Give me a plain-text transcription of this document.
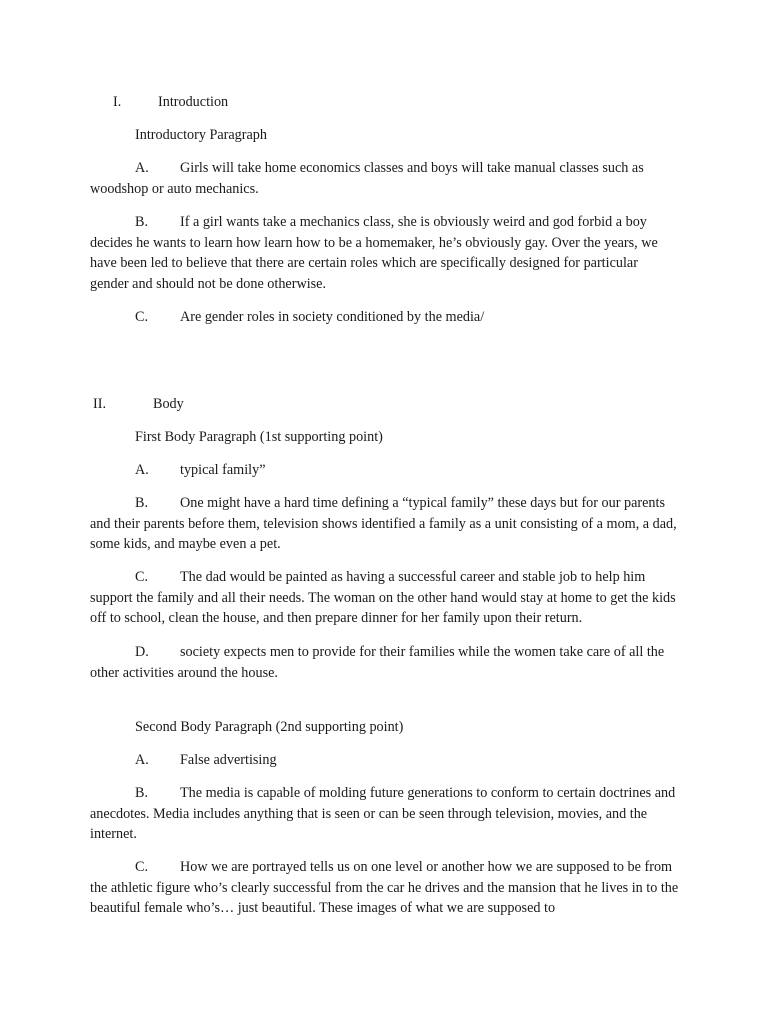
I.	Introduction

Introductory Paragraph

A. Girls will take home economics classes and boys will take manual classes such as woodshop or auto mechanics.

B. If a girl wants take a mechanics class, she is obviously weird and god forbid a boy decides he wants to learn how learn how to be a homemaker, he’s obviously gay. Over the years, we have been led to believe that there are certain roles which are specifically designed for particular gender and should not be done otherwise.

C. Are gender roles in society conditioned by the media/

II.	Body

First Body Paragraph (1st supporting point)

A. typical family”

B. One might have a hard time defining a “typical family” these days but for our parents and their parents before them, television shows identified a family as a unit consisting of a mom, a dad, some kids, and maybe even a pet.

C. The dad would be painted as having a successful career and stable job to help him support the family and all their needs. The woman on the other hand would stay at home to get the kids off to school, clean the house, and then prepare dinner for her family upon their return.

D. society expects men to provide for their families while the women take care of all the other activities around the house.

Second Body Paragraph (2nd supporting point)

A. False advertising

B. The media is capable of molding future generations to conform to certain doctrines and anecdotes. Media includes anything that is seen or can be seen through television, movies, and the internet.

C. How we are portrayed tells us on one level or another how we are supposed to be from the athletic figure who’s clearly successful from the car he drives and the mansion that he lives in to the beautiful female who’s… just beautiful. These images of what we are supposed to
